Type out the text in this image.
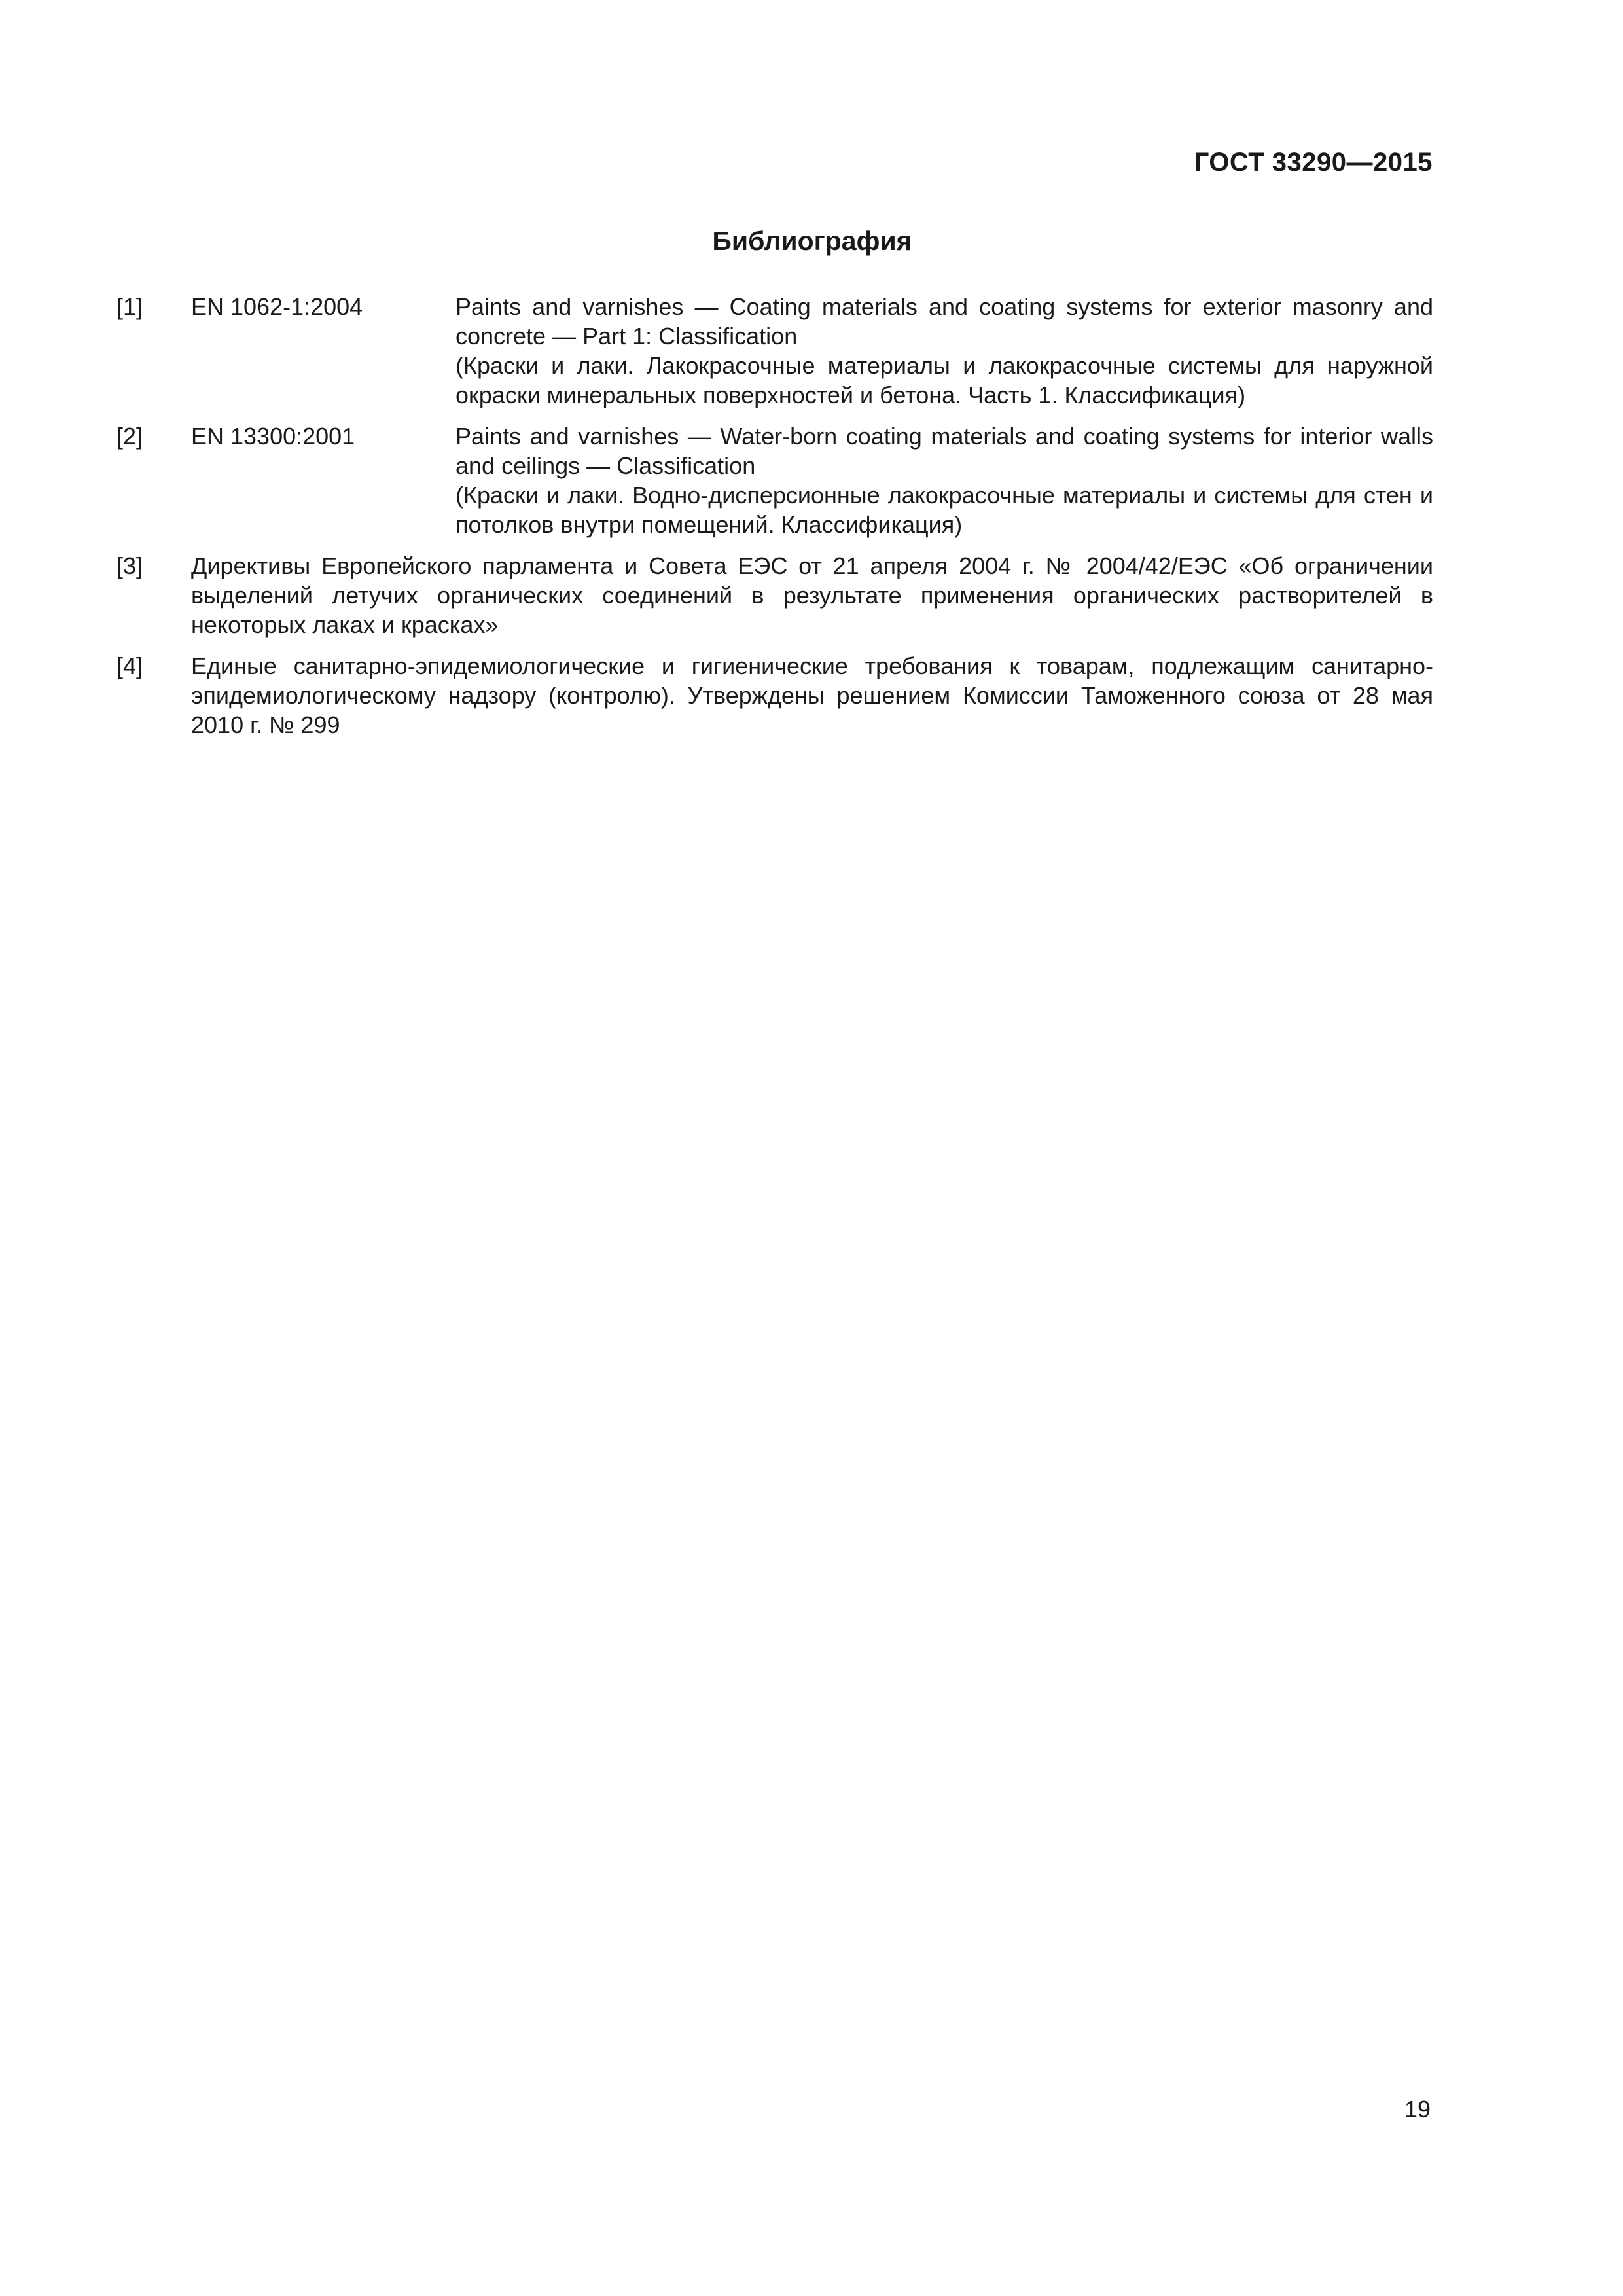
ГОСТ 33290—2015
Библиография
[1]	EN 1062-1:2004	Paints and varnishes — Coating materials and coating systems for exterior masonry and concrete — Part 1: Classification

(Краски и лаки. Лакокрасочные материалы и лакокрасочные системы для наружной окраски минеральных поверхностей и бетона. Часть 1. Классификация)

[2]	EN 13300:2001	Paints and varnishes — Water-born coating materials and coating systems for interior walls and ceilings — Classification

(Краски и лаки. Водно-дисперсионные лакокрасочные материалы и системы для стен и потолков внутри помещений. Классификация)

[3]	Директивы Европейского парламента и Совета ЕЭС от 21 апреля 2004 г. № 2004/42/ЕЭС «Об ограничении выделений летучих органических соединений в результате применения органических растворителей в некоторых лаках и красках»
[4]	Единые санитарно-эпидемиологические и гигиенические требования к товарам, подлежащим санитарно-эпидемиологическому надзору (контролю). Утверждены решением Комиссии Таможенного союза от 28 мая 2010 г. № 299
19
